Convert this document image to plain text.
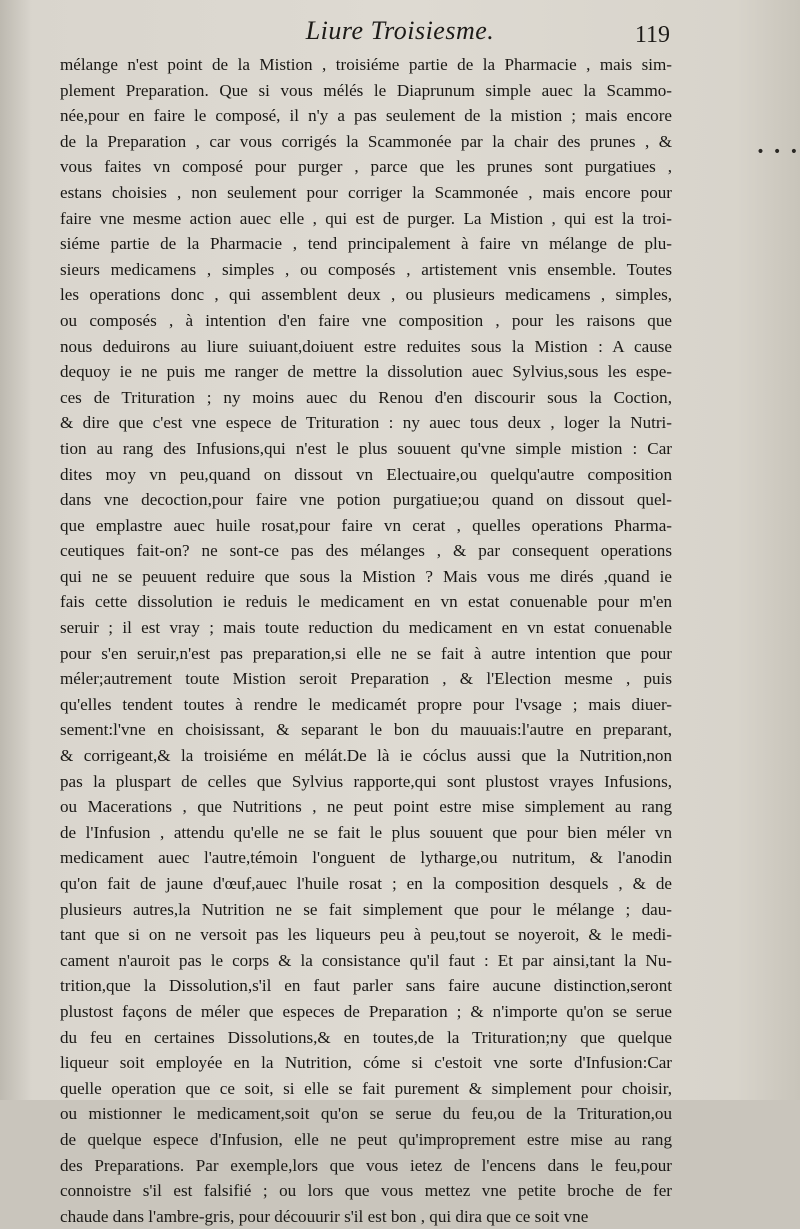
Liure Troisiesme.	119
• • •
mélange n'est point de la Mistion , troisiéme partie de la Pharmacie , mais sim-
plement Preparation. Que si vous mélés le Diaprunum simple auec la Scammo-
née,pour en faire le composé, il n'y a pas seulement de la mistion ; mais encore
de la Preparation , car vous corrigés la Scammonée par la chair des prunes , &
vous faites vn composé pour purger , parce que les prunes sont purgatiues ,
estans choisies , non seulement pour corriger la Scammonée , mais encore pour
faire vne mesme action auec elle , qui est de purger. La Mistion , qui est la troi-
siéme partie de la Pharmacie , tend principalement à faire vn mélange de plu-
sieurs medicamens , simples , ou composés , artistement vnis ensemble. Toutes
les operations donc , qui assemblent deux , ou plusieurs medicamens , simples,
ou composés , à intention d'en faire vne composition , pour les raisons que
nous deduirons au liure suiuant,doiuent estre reduites sous la Mistion : A cause
dequoy ie ne puis me ranger de mettre la dissolution auec Sylvius,sous les espe-
ces de Trituration ; ny moins auec du Renou d'en discourir sous la Coction,
& dire que c'est vne espece de Trituration : ny auec tous deux , loger la Nutri-
tion au rang des Infusions,qui n'est le plus souuent qu'vne simple mistion : Car
dites moy vn peu,quand on dissout vn Electuaire,ou quelqu'autre composition
dans vne decoction,pour faire vne potion purgatiue;ou quand on dissout quel-
que emplastre auec huile rosat,pour faire vn cerat , quelles operations Pharma-
ceutiques fait-on? ne sont-ce pas des mélanges , & par consequent operations
qui ne se peuuent reduire que sous la Mistion ? Mais vous me dirés ,quand ie
fais cette dissolution ie reduis le medicament en vn estat conuenable pour m'en
seruir ; il est vray ; mais toute reduction du medicament en vn estat conuenable
pour s'en seruir,n'est pas preparation,si elle ne se fait à autre intention que pour
méler;autrement toute Mistion seroit Preparation , & l'Election mesme , puis
qu'elles tendent toutes à rendre le medicamét propre pour l'vsage ; mais diuer-
sement:l'vne en choisissant, & separant le bon du mauuais:l'autre en preparant,
& corrigeant,& la troisiéme en mélát.De là ie cóclus aussi que la Nutrition,non
pas la pluspart de celles que Sylvius rapporte,qui sont plustost vrayes Infusions,
ou Macerations , que Nutritions , ne peut point estre mise simplement au rang
de l'Infusion , attendu qu'elle ne se fait le plus souuent que pour bien méler vn
medicament auec l'autre,témoin l'onguent de lytharge,ou nutritum, & l'anodin
qu'on fait de jaune d'œuf,auec l'huile rosat ; en la composition desquels , & de
plusieurs autres,la Nutrition ne se fait simplement que pour le mélange ; dau-
tant que si on ne versoit pas les liqueurs peu à peu,tout se noyeroit, & le medi-
cament n'auroit pas le corps & la consistance qu'il faut : Et par ainsi,tant la Nu-
trition,que la Dissolution,s'il en faut parler sans faire aucune distinction,seront
plustost façons de méler que especes de Preparation ; & n'importe qu'on se serue
du feu en certaines Dissolutions,& en toutes,de la Trituration;ny que quelque
liqueur soit employée en la Nutrition, cóme si c'estoit vne sorte d'Infusion:Car
quelle operation que ce soit, si elle se fait purement & simplement pour choisir,
ou mistionner le medicament,soit qu'on se serue du feu,ou de la Trituration,ou
de quelque espece d'Infusion, elle ne peut qu'improprement estre mise au rang
des Preparations. Par exemple,lors que vous ietez de l'encens dans le feu,pour
connoistre s'il est falsifié ; ou lors que vous mettez vne petite broche de fer
chaude dans l'ambre-gris, pour découurir s'il est bon , qui dira que ce soit vne
